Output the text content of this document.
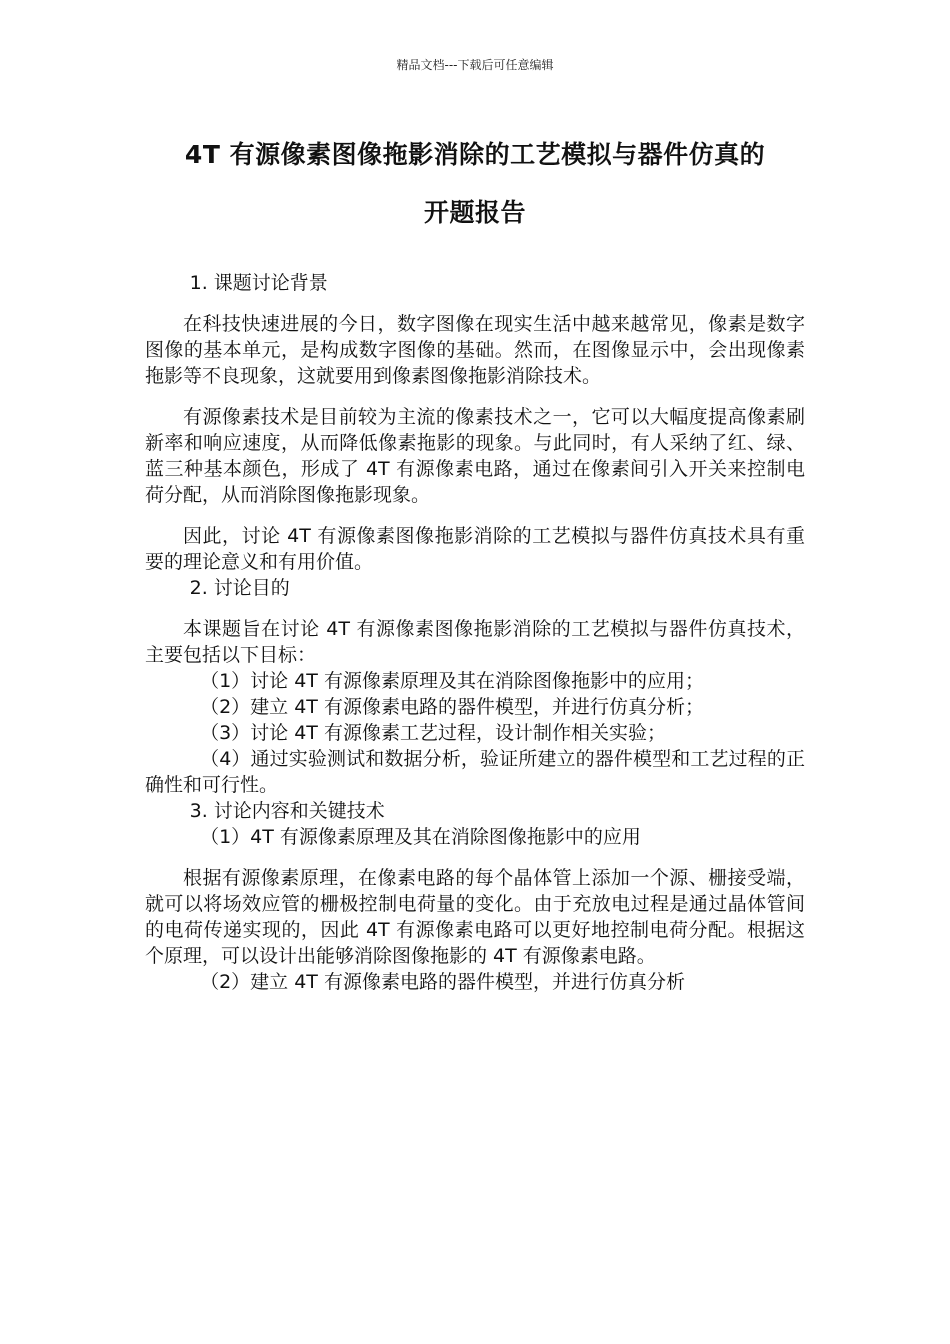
精品文档---下载后可任意编辑
4T 有源像素图像拖影消除的工艺模拟与器件仿真的
开题报告

1. 课题讨论背景

在科技快速进展的今日，数字图像在现实生活中越来越常见，像素是数字图像的基本单元，是构成数字图像的基础。然而，在图像显示中，会出现像素拖影等不良现象，这就要用到像素图像拖影消除技术。

有源像素技术是目前较为主流的像素技术之一，它可以大幅度提高像素刷新率和响应速度，从而降低像素拖影的现象。与此同时，有人采纳了红、绿、蓝三种基本颜色，形成了 4T 有源像素电路，通过在像素间引入开关来控制电荷分配，从而消除图像拖影现象。

因此，讨论 4T 有源像素图像拖影消除的工艺模拟与器件仿真技术具有重要的理论意义和有用价值。

2. 讨论目的

本课题旨在讨论 4T 有源像素图像拖影消除的工艺模拟与器件仿真技术，主要包括以下目标：

（1）讨论 4T 有源像素原理及其在消除图像拖影中的应用；

（2）建立 4T 有源像素电路的器件模型，并进行仿真分析；

（3）讨论 4T 有源像素工艺过程，设计制作相关实验；

（4）通过实验测试和数据分析，验证所建立的器件模型和工艺过程的正确性和可行性。

3. 讨论内容和关键技术

（1）4T 有源像素原理及其在消除图像拖影中的应用

根据有源像素原理，在像素电路的每个晶体管上添加一个源、栅接受端，就可以将场效应管的栅极控制电荷量的变化。由于充放电过程是通过晶体管间的电荷传递实现的，因此 4T 有源像素电路可以更好地控制电荷分配。根据这个原理，可以设计出能够消除图像拖影的 4T 有源像素电路。

（2）建立 4T 有源像素电路的器件模型，并进行仿真分析
